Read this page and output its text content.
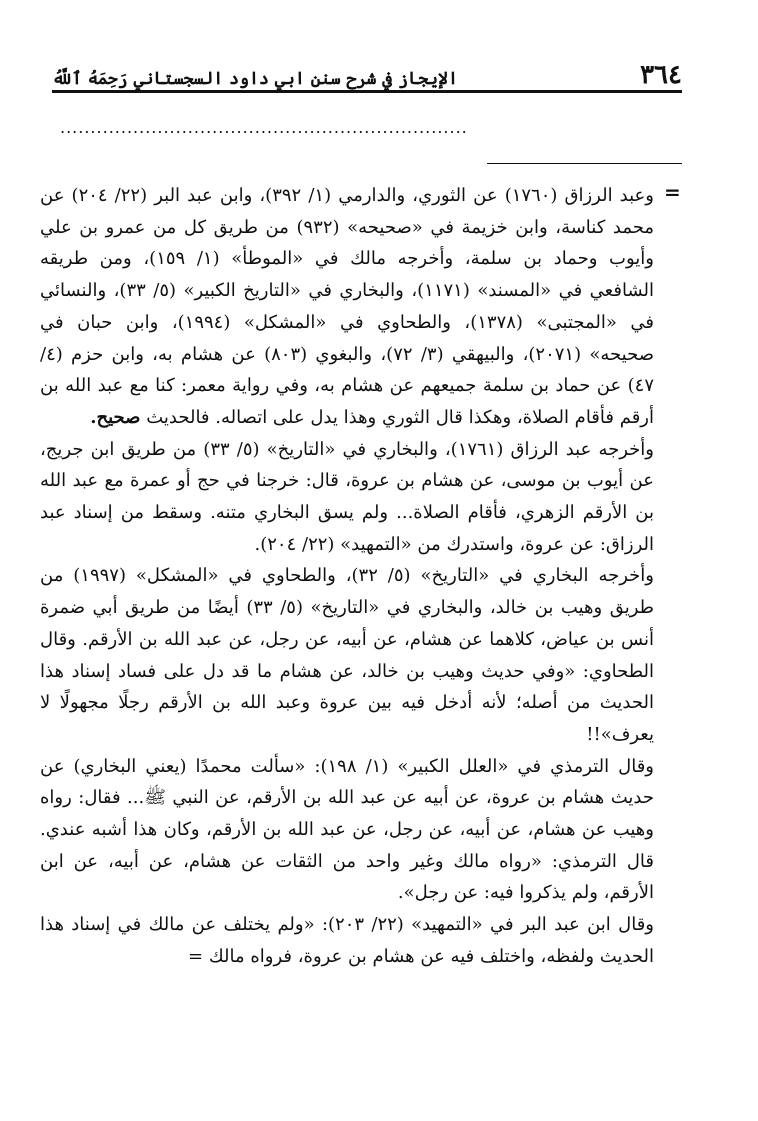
٣٦٤
الإيجاز في شرح سنن ابي داود السجستاني رَحِمَهُ ٱللَّهُ
...................................................................
=

وعبد الرزاق (١٧٦٠) عن الثوري، والدارمي (١/ ٣٩٢)، وابن عبد البر (٢٢/ ٢٠٤) عن محمد كناسة، وابن خزيمة في «صحيحه» (٩٣٢) من طريق كل من عمرو بن علي وأيوب وحماد بن سلمة، وأخرجه مالك في «الموطأ» (١/ ١٥٩)، ومن طريقه الشافعي في «المسند» (١١٧١)، والبخاري في «التاريخ الكبير» (٥/ ٣٣)، والنسائي في «المجتبى» (١٣٧٨)، والطحاوي في «المشكل» (١٩٩٤)، وابن حبان في صحيحه» (٢٠٧١)، والبيهقي (٣/ ٧٢)، والبغوي (٨٠٣) عن هشام به، وابن حزم (٤/ ٤٧) عن حماد بن سلمة جميعهم عن هشام به، وفي رواية معمر: كنا مع عبد الله بن أرقم فأقام الصلاة، وهكذا قال الثوري وهذا يدل على اتصاله. فالحديث صحيح.

وأخرجه عبد الرزاق (١٧٦١)، والبخاري في «التاريخ» (٥/ ٣٣) من طريق ابن جريج، عن أيوب بن موسى، عن هشام بن عروة، قال: خرجنا في حج أو عمرة مع عبد الله بن الأرقم الزهري، فأقام الصلاة... ولم يسق البخاري متنه. وسقط من إسناد عبد الرزاق: عن عروة، واستدرك من «التمهيد» (٢٢/ ٢٠٤).

وأخرجه البخاري في «التاريخ» (٥/ ٣٢)، والطحاوي في «المشكل» (١٩٩٧) من طريق وهيب بن خالد، والبخاري في «التاريخ» (٥/ ٣٣) أيضًا من طريق أبي ضمرة أنس بن عياض، كلاهما عن هشام، عن أبيه، عن رجل، عن عبد الله بن الأرقم. وقال الطحاوي: «وفي حديث وهيب بن خالد، عن هشام ما قد دل على فساد إسناد هذا الحديث من أصله؛ لأنه أدخل فيه بين عروة وعبد الله بن الأرقم رجلًا مجهولًا لا يعرف»!!

وقال الترمذي في «العلل الكبير» (١/ ١٩٨): «سألت محمدًا (يعني البخاري) عن حديث هشام بن عروة، عن أبيه عن عبد الله بن الأرقم، عن النبي ﷺ... فقال: رواه وهيب عن هشام، عن أبيه، عن رجل، عن عبد الله بن الأرقم، وكان هذا أشبه عندي. قال الترمذي: «رواه مالك وغير واحد من الثقات عن هشام، عن أبيه، عن ابن الأرقم، ولم يذكروا فيه: عن رجل».

وقال ابن عبد البر في «التمهيد» (٢٢/ ٢٠٣): «ولم يختلف عن مالك في إسناد هذا الحديث ولفظه، واختلف فيه عن هشام بن عروة، فرواه مالك =
